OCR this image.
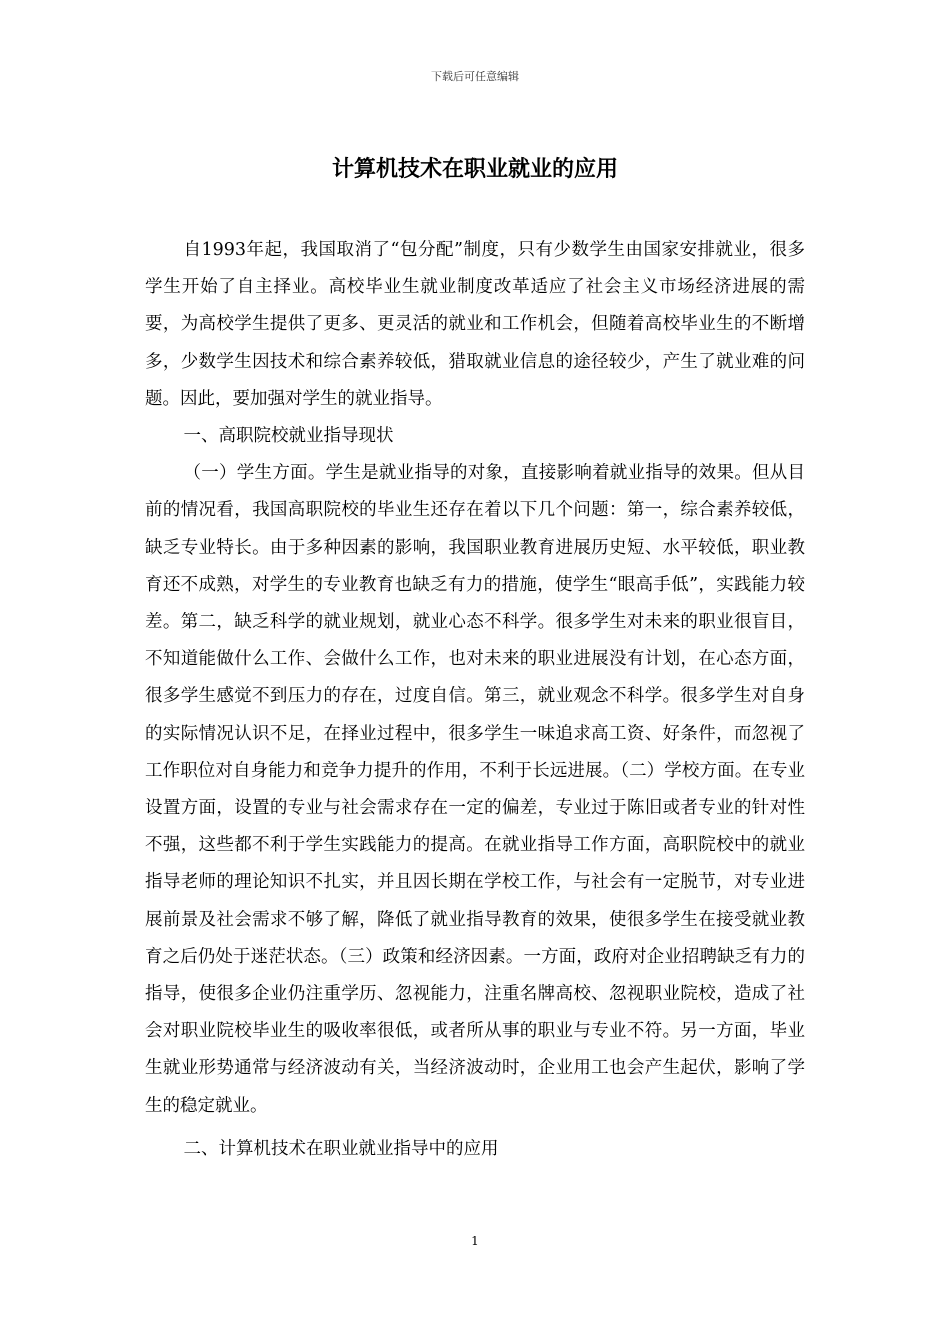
下载后可任意编辑
计算机技术在职业就业的应用

自1993年起，我国取消了“包分配”制度，只有少数学生由国家安排就业，很多学生开始了自主择业。高校毕业生就业制度改革适应了社会主义市场经济进展的需要，为高校学生提供了更多、更灵活的就业和工作机会，但随着高校毕业生的不断增多，少数学生因技术和综合素养较低，猎取就业信息的途径较少，产生了就业难的问题。因此，要加强对学生的就业指导。

一、高职院校就业指导现状

（一）学生方面。学生是就业指导的对象，直接影响着就业指导的效果。但从目前的情况看，我国高职院校的毕业生还存在着以下几个问题：第一，综合素养较低，缺乏专业特长。由于多种因素的影响，我国职业教育进展历史短、水平较低，职业教育还不成熟，对学生的专业教育也缺乏有力的措施，使学生“眼高手低”，实践能力较差。第二，缺乏科学的就业规划，就业心态不科学。很多学生对未来的职业很盲目，不知道能做什么工作、会做什么工作，也对未来的职业进展没有计划，在心态方面，很多学生感觉不到压力的存在，过度自信。第三，就业观念不科学。很多学生对自身的实际情况认识不足，在择业过程中，很多学生一味追求高工资、好条件，而忽视了工作职位对自身能力和竞争力提升的作用，不利于长远进展。（二）学校方面。在专业设置方面，设置的专业与社会需求存在一定的偏差，专业过于陈旧或者专业的针对性不强，这些都不利于学生实践能力的提高。在就业指导工作方面，高职院校中的就业指导老师的理论知识不扎实，并且因长期在学校工作，与社会有一定脱节，对专业进展前景及社会需求不够了解，降低了就业指导教育的效果，使很多学生在接受就业教育之后仍处于迷茫状态。（三）政策和经济因素。一方面，政府对企业招聘缺乏有力的指导，使很多企业仍注重学历、忽视能力，注重名牌高校、忽视职业院校，造成了社会对职业院校毕业生的吸收率很低，或者所从事的职业与专业不符。另一方面，毕业生就业形势通常与经济波动有关，当经济波动时，企业用工也会产生起伏，影响了学生的稳定就业。

二、计算机技术在职业就业指导中的应用

1
